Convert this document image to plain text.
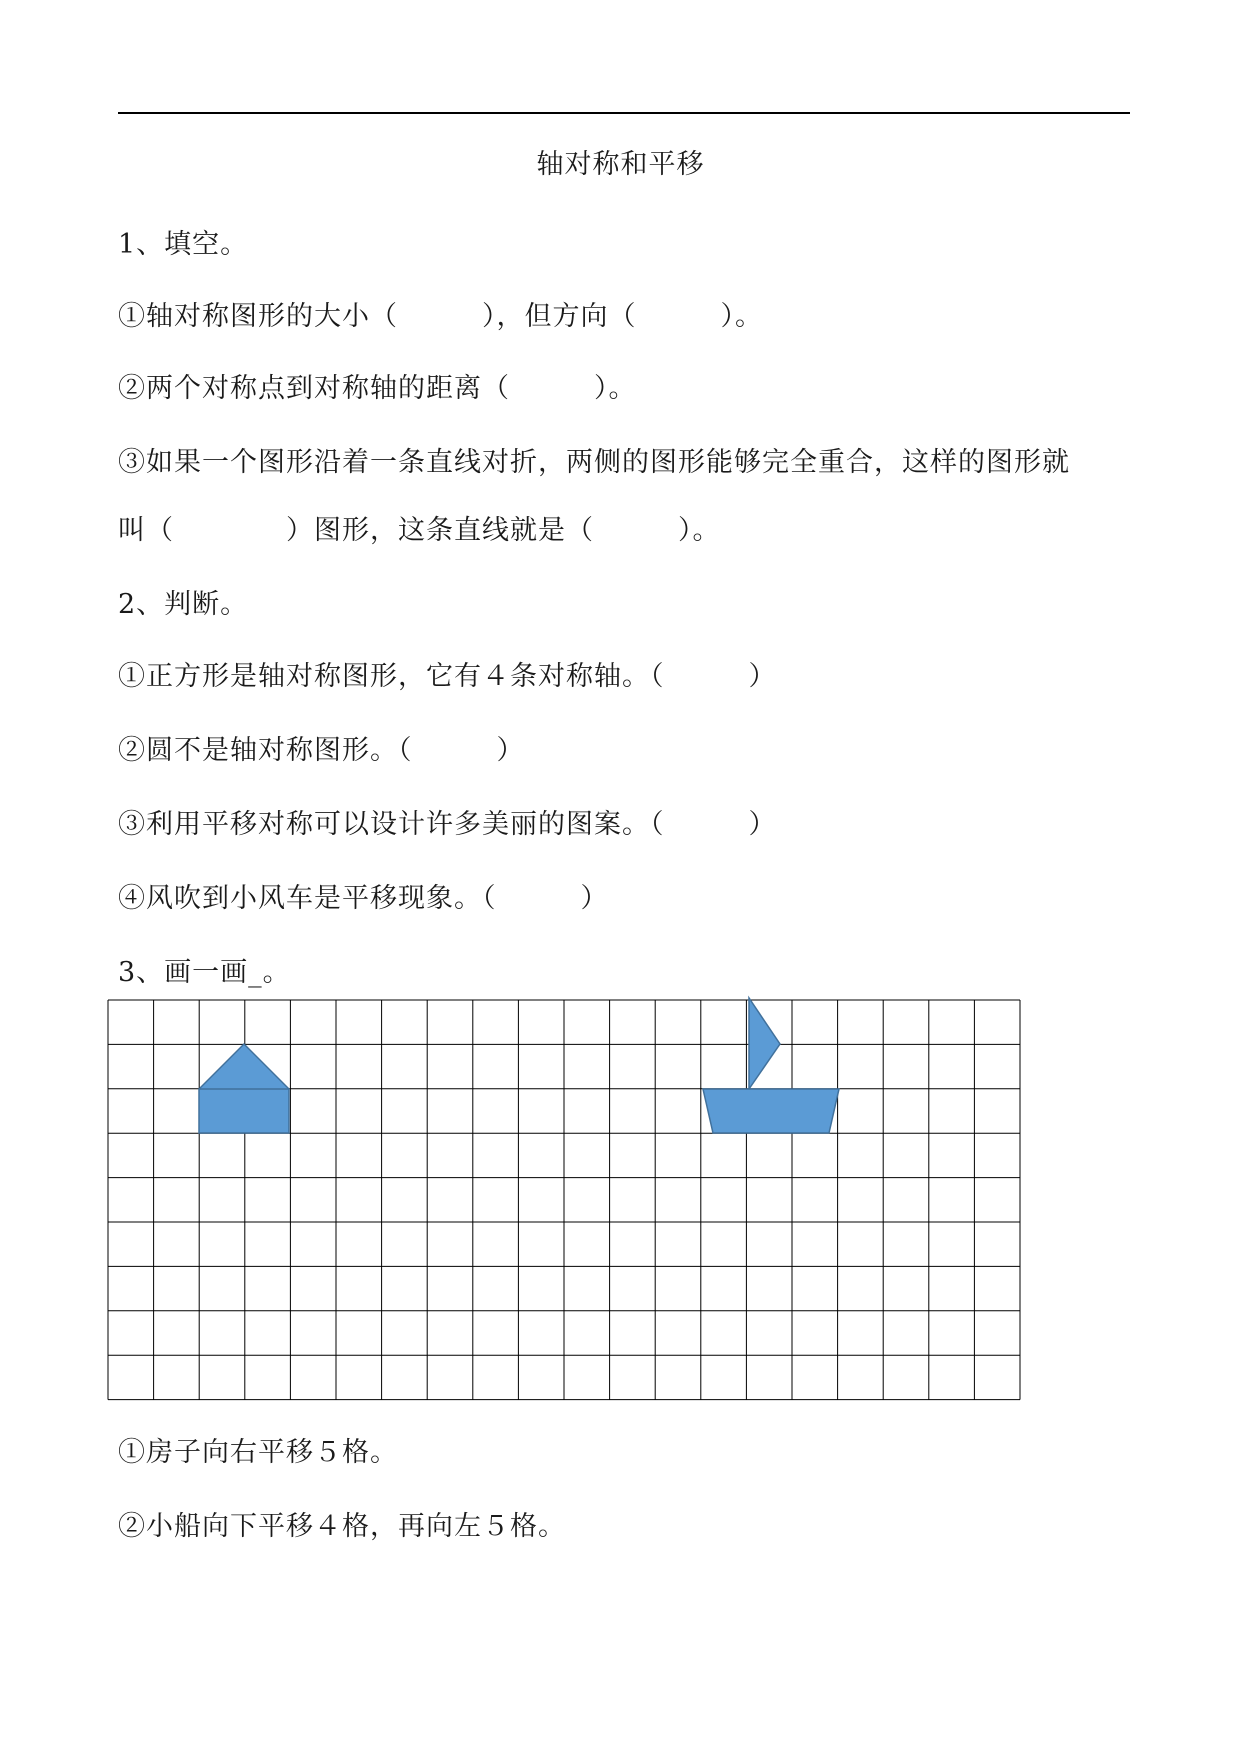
轴对称和平移
1、填空。
①轴对称图形的大小（　　　），但方向（　　　）。
②两个对称点到对称轴的距离（　　　）。
③如果一个图形沿着一条直线对折，两侧的图形能够完全重合，这样的图形就
叫（　　　　）图形，这条直线就是（　　　）。
2、判断。
①正方形是轴对称图形，它有４条对称轴。（　　　）
②圆不是轴对称图形。（　　　）
③利用平移对称可以设计许多美丽的图案。（　　　）
④风吹到小风车是平移现象。（　　　）
3、画一画_。
①房子向右平移５格。
②小船向下平移４格，再向左５格。
